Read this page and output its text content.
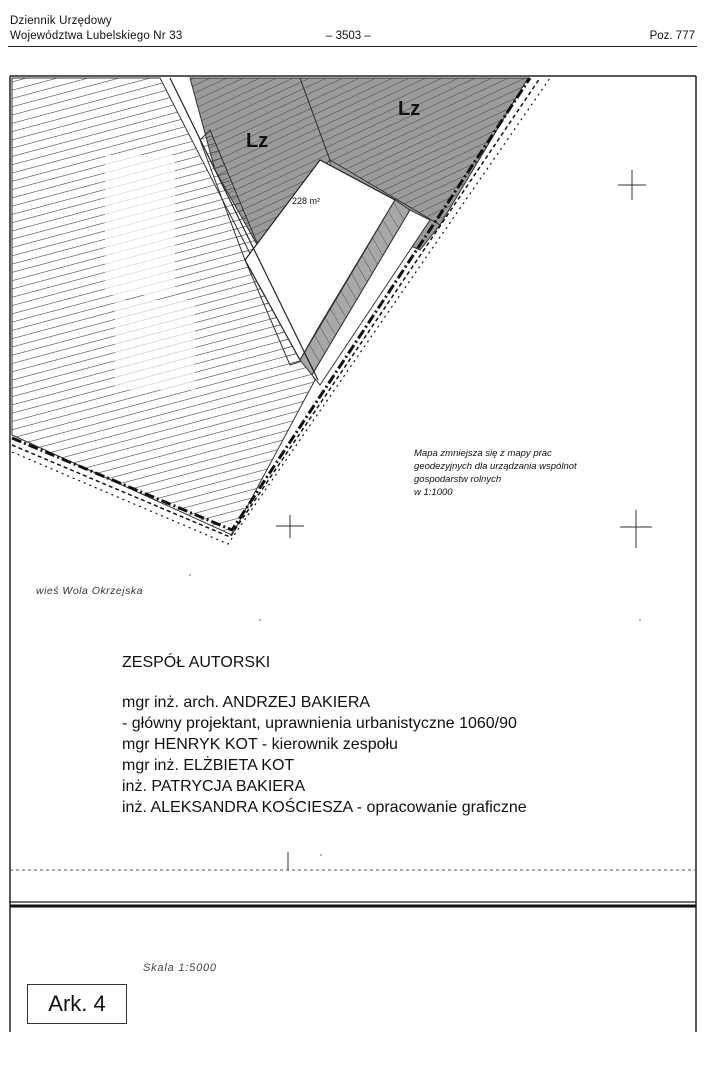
Dziennik Urzędowy
Województwa Lubelskiego Nr 33	– 3503 –	Poz. 777
Lz
Lz
228 m²
Mapa zmniejsza się z mapy prac
geodezyjnych dla urządzania wspólnot
gospodarstw rolnych
w 1:1000
wieś Wola Okrzejska
ZESPÓŁ AUTORSKI
mgr inż. arch. ANDRZEJ BAKIERA
- główny projektant, uprawnienia urbanistyczne 1060/90
mgr HENRYK KOT - kierownik zespołu
mgr inż. ELŻBIETA KOT
inż. PATRYCJA BAKIERA
inż. ALEKSANDRA KOŚCIESZA - opracowanie graficzne
Skala 1:5000
Ark. 4
